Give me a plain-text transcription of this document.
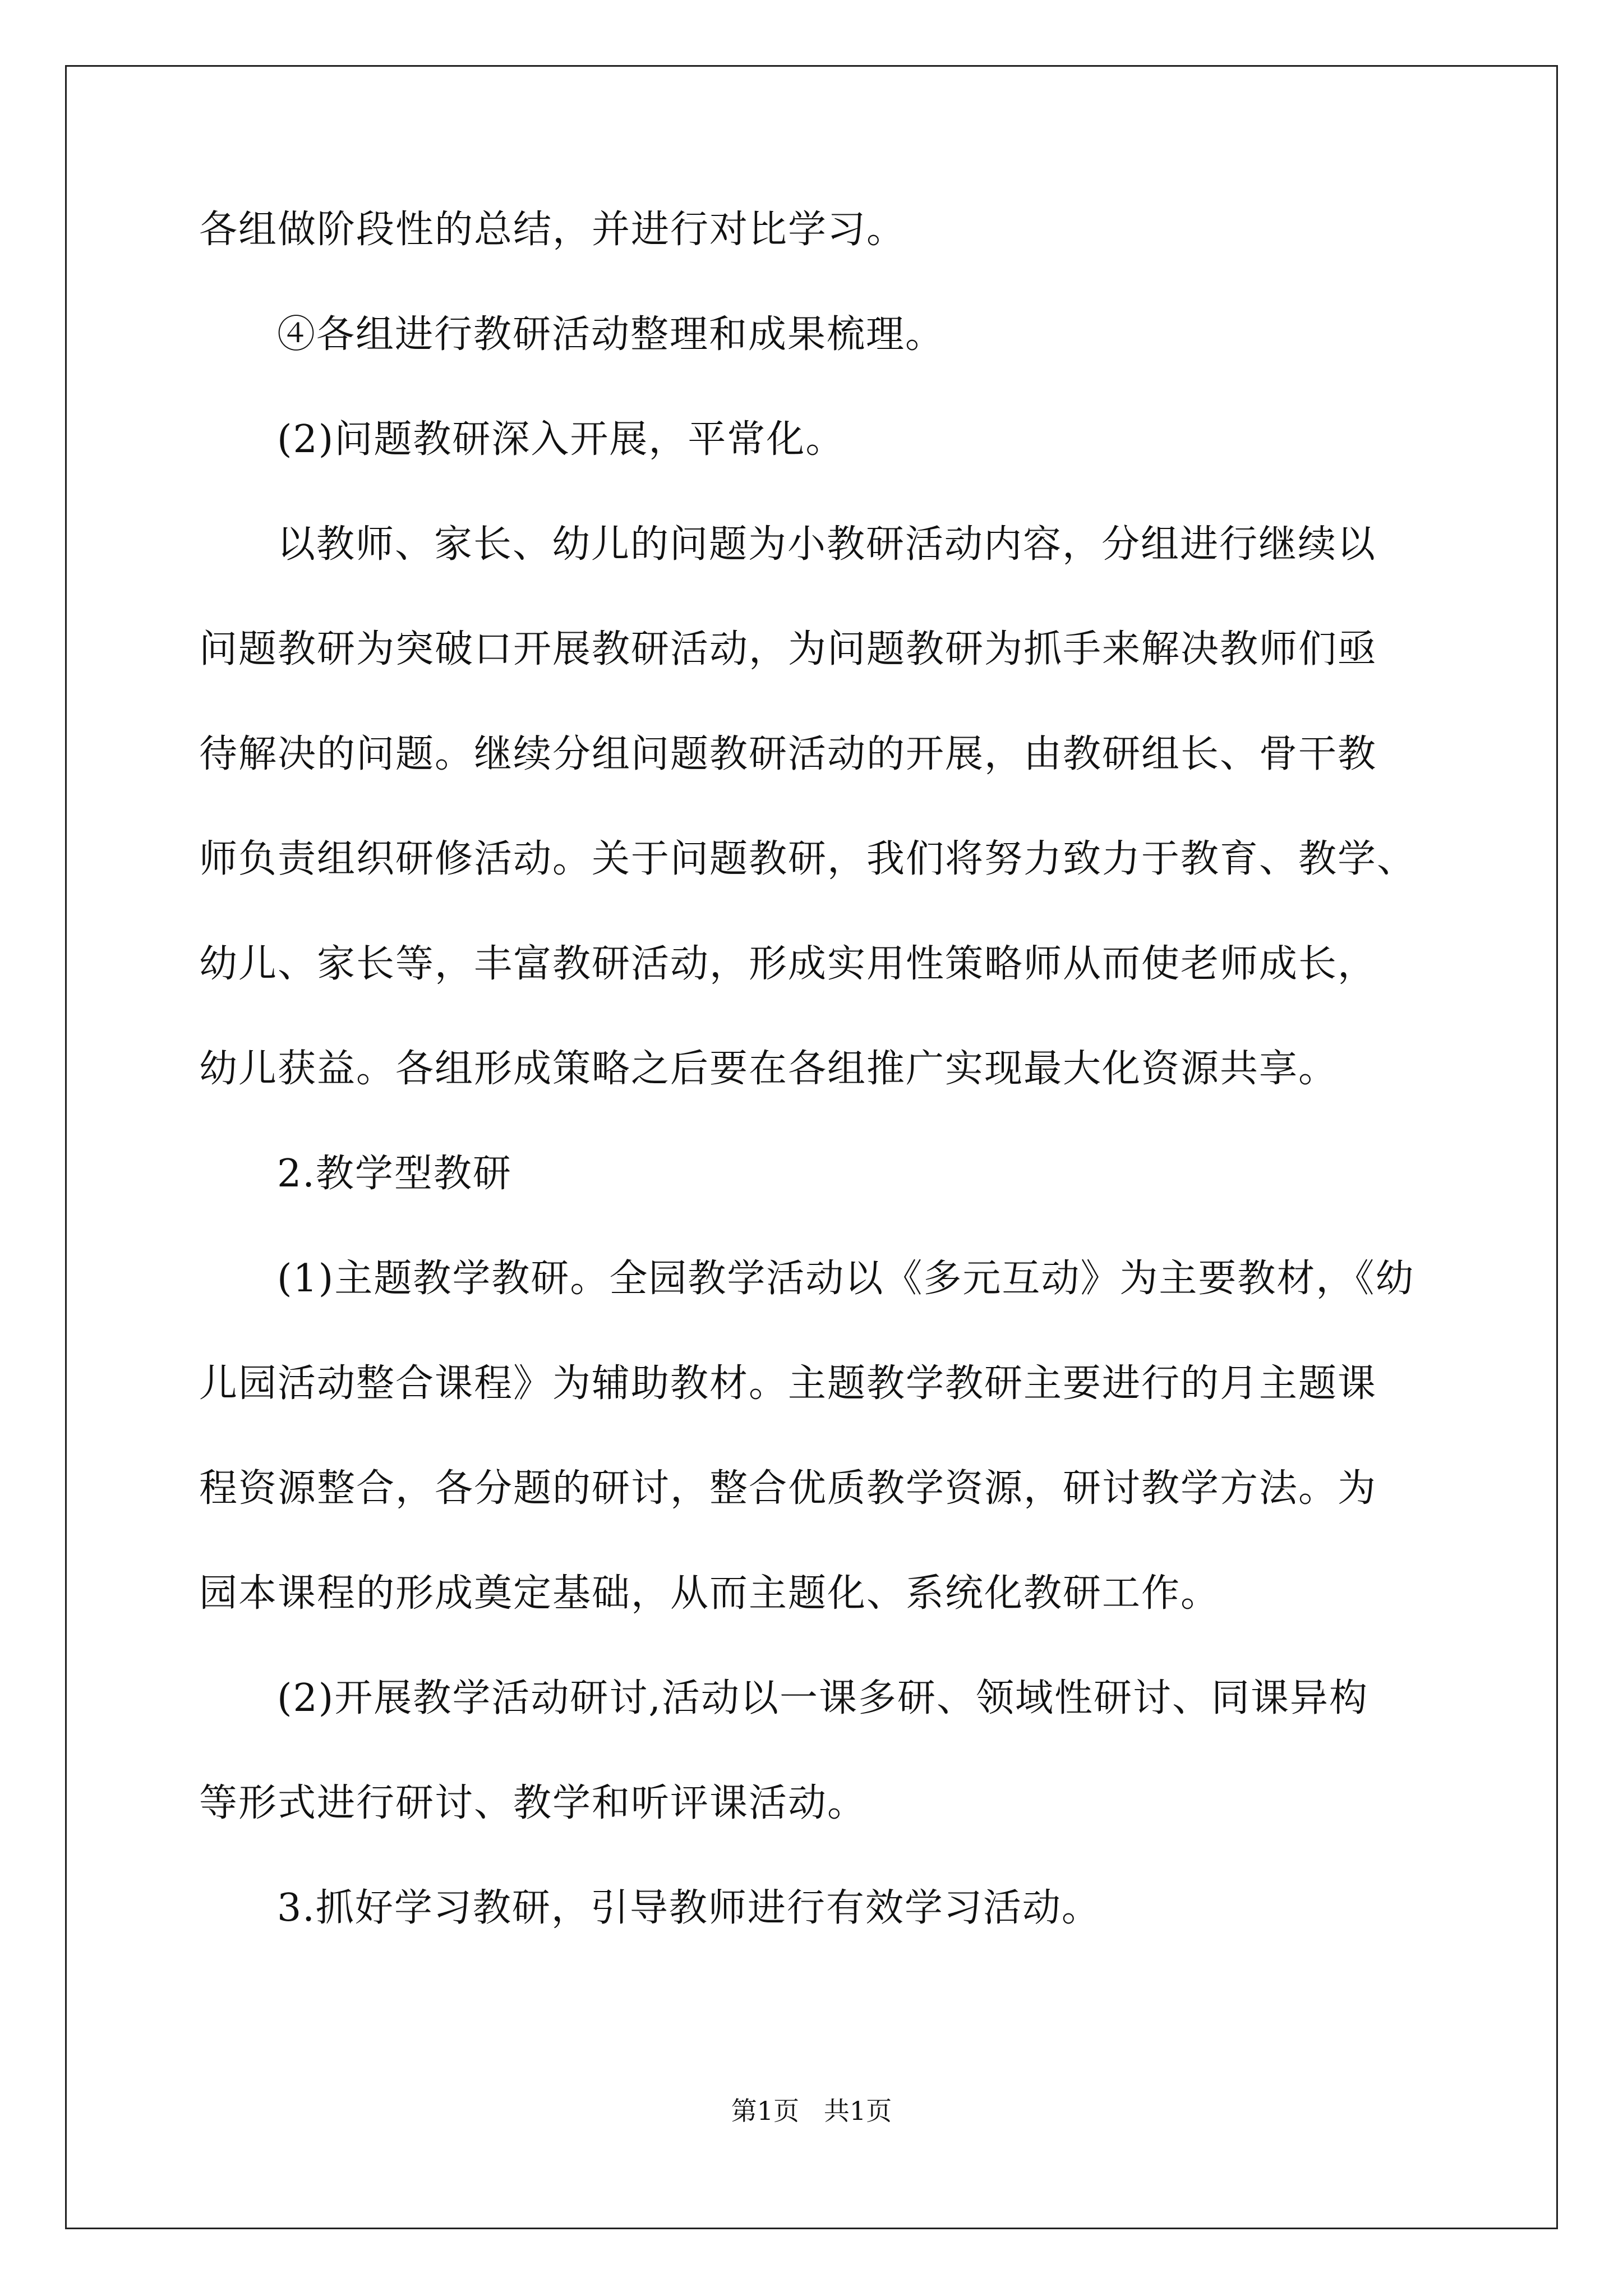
各组做阶段性的总结，并进行对比学习。
④各组进行教研活动整理和成果梳理。
(2)问题教研深入开展，平常化。
以教师、家长、幼儿的问题为小教研活动内容，分组进行继续以
问题教研为突破口开展教研活动，为问题教研为抓手来解决教师们亟
待解决的问题。继续分组问题教研活动的开展，由教研组长、骨干教
师负责组织研修活动。关于问题教研，我们将努力致力于教育、教学、
幼儿、家长等，丰富教研活动，形成实用性策略师从而使老师成长，
幼儿获益。各组形成策略之后要在各组推广实现最大化资源共享。
2.教学型教研
(1)主题教学教研。全园教学活动以《多元互动》为主要教材，《幼
儿园活动整合课程》为辅助教材。主题教学教研主要进行的月主题课
程资源整合，各分题的研讨，整合优质教学资源，研讨教学方法。为
园本课程的形成奠定基础，从而主题化、系统化教研工作。
(2)开展教学活动研讨,活动以一课多研、领域性研讨、同课异构
等形式进行研讨、教学和听评课活动。
3.抓好学习教研，引导教师进行有效学习活动。
第1页   共1页
